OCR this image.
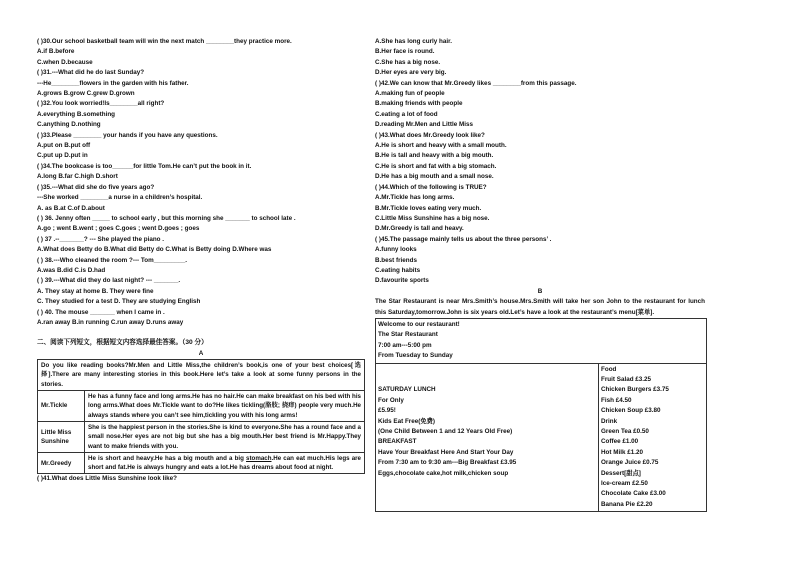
( )30.Our school basketball team will win the next match ________they practice more.
A.if B.before
C.when D.because
( )31.---What did he do last Sunday?
---He________flowers in the garden with his father.
A.grows B.grow C.grew D.grown
( )32.You look worried!Is________all right?
A.everything B.something
C.anything D.nothing
( )33.Please ________ your hands if you have any questions.
A.put on B.put off
C.put up D.put in
( )34.The bookcase is too______for little Tom.He can’t put the book in it.
A.long B.far C.high D.short
( )35.---What did she do five years ago?
---She worked ________a nurse in a children’s hospital.
A. as B.at C.of D.about
( ) 36. Jenny often _____ to school early , but this morning she _______ to school late .
A.go ; went B.went ; goes C.goes ; went D.goes ; goes
( ) 37 .--_______? --- She played the piano .
A.What does Betty do B.What did Betty do C.What is Betty doing D.Where was
( ) 38.---Who cleaned the room ?--- Tom_________.
A.was B.did C.is D.had
( ) 39.---What did they do last night? --- _______.
A. They stay at home B. They were fine
C. They studied for a test D. They are studying English
( ) 40. The mouse _______ when I came in .
A.ran away B.in running C.run away D.runs away
二、阅读下列短文，根据短文内容选择最佳答案。（30 分）
A
Do you like reading books?Mr.Men and Little Miss,the children’s book,is one of your best choices[选择].There are many interesting stories in this book.Here let’s take a look at some funny persons in the stories.	
Mr.Tickle	He has a funny face and long arms.He has no hair.He can make breakfast on his bed with his long arms.What does Mr.Tickle want to do?He likes tickling(胳肢; 挠痒) people very much.He always stands where you can’t see him,tickling you with his long arms!
Little Miss Sunshine	She is the happiest person in the stories.She is kind to everyone.She has a round face and a small nose.Her eyes are not big but she has a big mouth.Her best friend is Mr.Happy.They want to make friends with you.
Mr.Greedy	He is short and heavy.He has a big mouth and a big stomach.He can eat much.His legs are short and fat.He is always hungry and eats a lot.He has dreams about food at night.
( )41.What does Little Miss Sunshine look like?
A.She has long curly hair.
B.Her face is round.
C.She has a big nose.
D.Her eyes are very big.
( )42.We can know that Mr.Greedy likes ________from this passage.
A.making fun of people
B.making friends with people
C.eating a lot of food
D.reading Mr.Men and Little Miss
( )43.What does Mr.Greedy look like?
A.He is short and heavy with a small mouth.
B.He is tall and heavy with a big mouth.
C.He is short and fat with a big stomach.
D.He has a big mouth and a small nose.
( )44.Which of the following is TRUE?
A.Mr.Tickle has long arms.
B.Mr.Tickle loves eating very much.
C.Little Miss Sunshine has a big nose.
D.Mr.Greedy is tall and heavy.
( )45.The passage mainly tells us about the three persons’ .
A.funny looks
B.best friends
C.eating habits
D.favourite sports
B
The Star Restaurant is near Mrs.Smith’s house.Mrs.Smith will take her son John to the restaurant for lunch this Saturday,tomorrow.John is six years old.Let’s have a look at the restaurant’s menu[菜单].
Welcome to our restaurant!
The Star Restaurant
7:00 am---5:00 pm
From Tuesday to Sunday

SATURDAY LUNCH
For Only
£5.95!
Kids Eat Free(免费)
(One Child Between 1 and 12 Years Old Free)
BREAKFAST
Have Your Breakfast Here And Start Your Day
From 7:30 am to 9:30 am---Big Breakfast £3.95
Eggs,chocolate cake,hot milk,chicken soup
Food
Fruit Salad £3.25
Chicken Burgers £3.75
Fish £4.50
Chicken Soup £3.80
Drink
Green Tea £0.50
Coffee £1.00
Hot Milk £1.20
Orange Juice £0.75
Dessert[甜点]
Ice-cream £2.50
Chocolate Cake £3.00
Banana Pie £2.20
